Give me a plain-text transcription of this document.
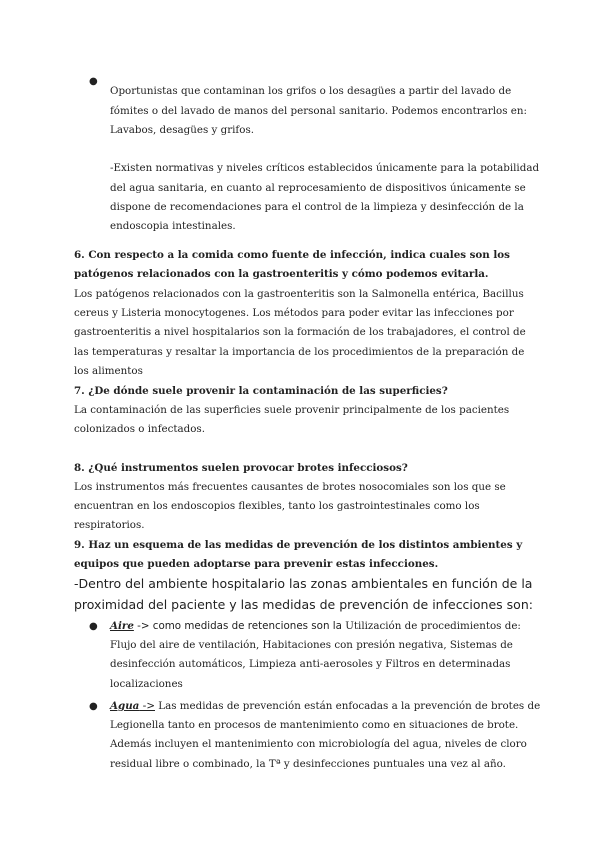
●

Oportunistas que contaminan los grifos o los desagües a partir del lavado de fómites o del lavado de manos del personal sanitario. Podemos encontrarlos en: Lavabos, desagües y grifos.

-Existen normativas y niveles críticos establecidos únicamente para la potabilidad del agua sanitaria, en cuanto al reprocesamiento de dispositivos únicamente se dispone de recomendaciones para el control de la limpieza y desinfección de la endoscopia intestinales.

6. Con respecto a la comida como fuente de infección, indica cuales son los patógenos relacionados con la gastroenteritis y cómo podemos evitarla.

Los patógenos relacionados con la gastroenteritis son la Salmonella entérica, Bacillus cereus y Listeria monocytogenes. Los métodos para poder evitar las infecciones por gastroenteritis a nivel hospitalarios son la formación de los trabajadores, el control de las temperaturas y resaltar la importancia de los procedimientos de la preparación de los alimentos

7. ¿De dónde suele provenir la contaminación de las superficies?

La contaminación de las superficies suele provenir principalmente de los pacientes colonizados o infectados.

8. ¿Qué instrumentos suelen provocar brotes infecciosos?

Los instrumentos más frecuentes causantes de brotes nosocomiales son los que se encuentran en los endoscopios flexibles, tanto los gastrointestinales como los respiratorios.

9. Haz un esquema de las medidas de prevención de los distintos ambientes y equipos que pueden adoptarse para prevenir estas infecciones.

-Dentro del ambiente hospitalario las zonas ambientales en función de la proximidad del paciente y las medidas de prevención de infecciones son:

● Aire -> como medidas de retenciones son la Utilización de procedimientos de:
Flujo del aire de ventilación, Habitaciones con presión negativa, Sistemas de desinfección automáticos, Limpieza anti-aerosoles y Filtros en determinadas localizaciones
● Agua -> Las medidas de prevención están enfocadas a la prevención de brotes de
Legionella tanto en procesos de mantenimiento como en situaciones de brote. Además incluyen el mantenimiento con microbiología del agua, niveles de cloro residual libre o combinado, la Tª y desinfecciones puntuales una vez al año.
